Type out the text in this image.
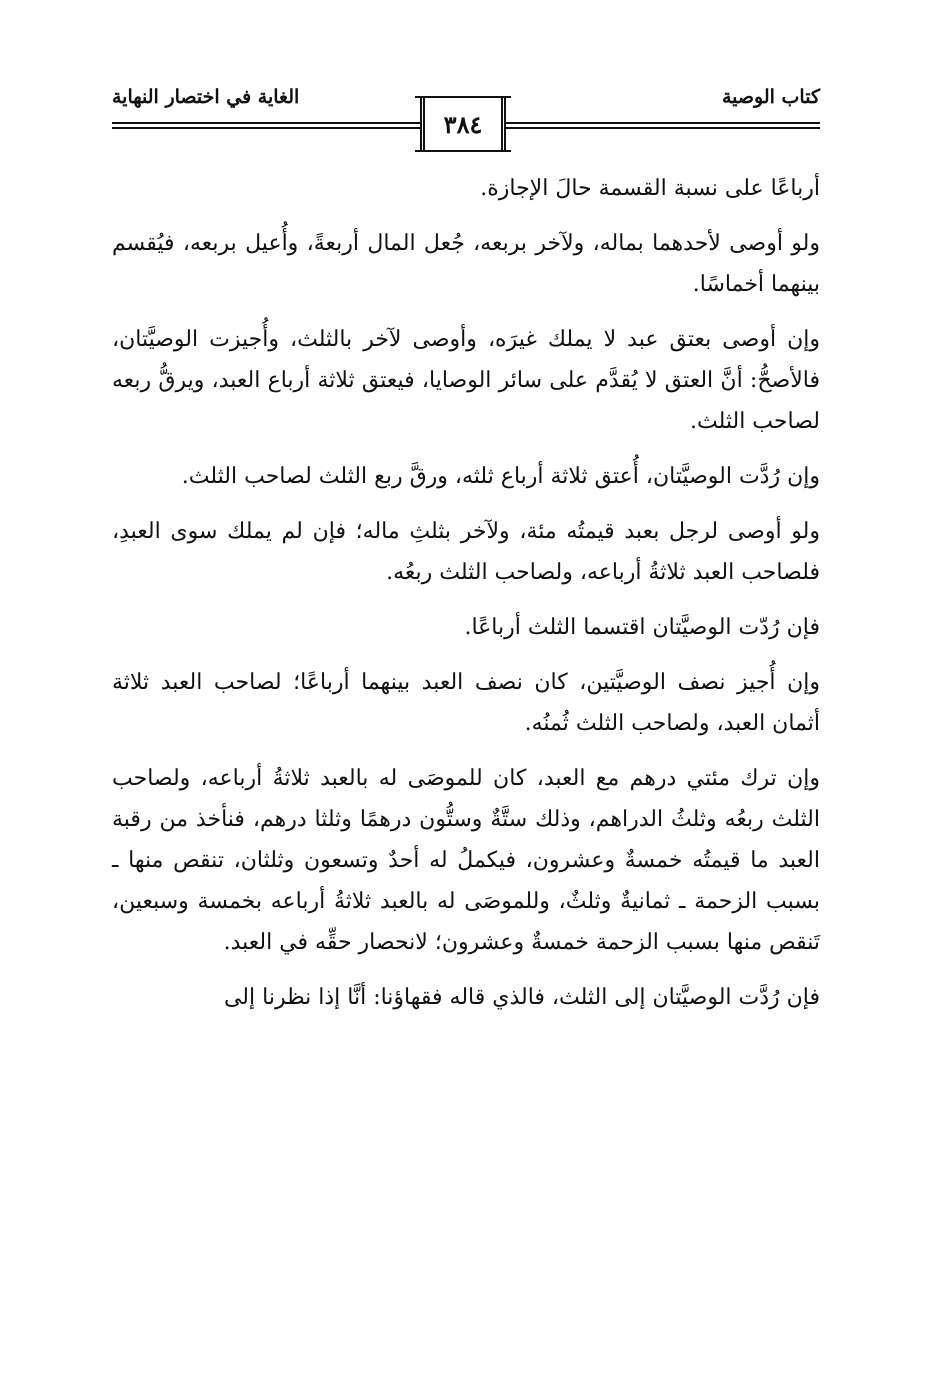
كتاب الوصية
الغاية في اختصار النهاية
٣٨٤

أرباعًا على نسبة القسمة حالَ الإجازة.

ولو أوصى لأحدهما بماله، ولآخر بربعه، جُعل المال أربعةً، وأُعيل بربعه، فيُقسم بينهما أخماسًا.

وإن أوصى بعتق عبد لا يملك غيرَه، وأوصى لآخر بالثلث، وأُجيزت الوصيَّتان، فالأصحُّ: أنَّ العتق لا يُقدَّم على سائر الوصايا، فيعتق ثلاثة أرباع العبد، ويرقُّ ربعه لصاحب الثلث.

وإن رُدَّت الوصيَّتان، أُعتق ثلاثة أرباع ثلثه، ورقَّ ربع الثلث لصاحب الثلث.

ولو أوصى لرجل بعبد قيمتُه مئة، ولآخر بثلثِ ماله؛ فإن لم يملك سوى العبدِ، فلصاحب العبد ثلاثةُ أرباعه، ولصاحب الثلث ربعُه.

فإن رُدّت الوصيَّتان اقتسما الثلث أرباعًا.

وإن أُجيز نصف الوصيَّتين، كان نصف العبد بينهما أرباعًا؛ لصاحب العبد ثلاثة أثمان العبد، ولصاحب الثلث ثُمنُه.

وإن ترك مئتي درهم مع العبد، كان للموصَى له بالعبد ثلاثةُ أرباعه، ولصاحب الثلث ربعُه وثلثُ الدراهم، وذلك ستَّةٌ وستُّون درهمًا وثلثا درهم، فنأخذ من رقبة العبد ما قيمتُه خمسةٌ وعشرون، فيكملُ له أحدٌ وتسعون وثلثان، تنقص منها ـ بسبب الزحمة ـ ثمانيةٌ وثلثٌ، وللموصَى له بالعبد ثلاثةُ أرباعه بخمسة وسبعين، تَنقص منها بسبب الزحمة خمسةٌ وعشرون؛ لانحصار حقِّه في العبد.

فإن رُدَّت الوصيَّتان إلى الثلث، فالذي قاله فقهاؤنا: أنَّا إذا نظرنا إلى
